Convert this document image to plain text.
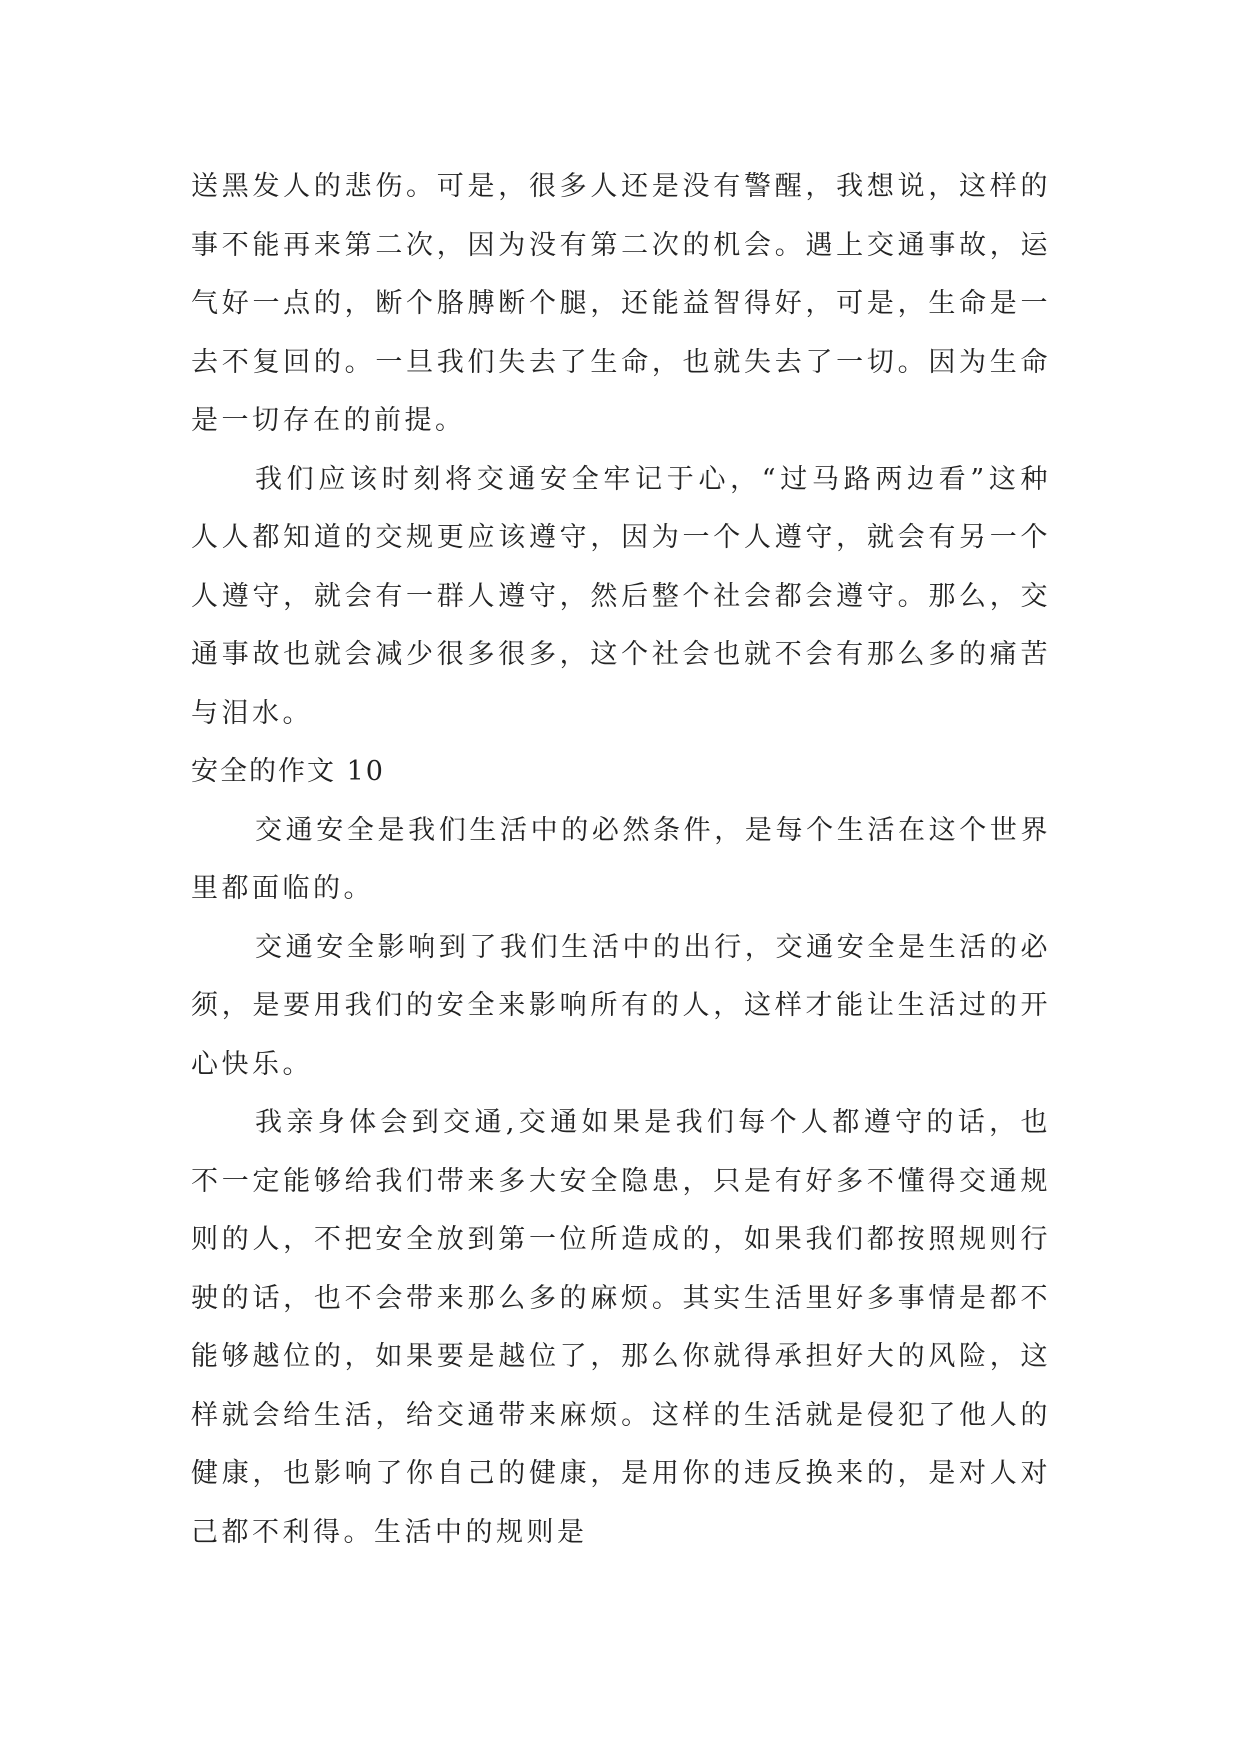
送黑发人的悲伤。可是，很多人还是没有警醒，我想说，这样的事不能再来第二次，因为没有第二次的机会。遇上交通事故，运气好一点的，断个胳膊断个腿，还能益智得好，可是，生命是一去不复回的。一旦我们失去了生命，也就失去了一切。因为生命是一切存在的前提。

我们应该时刻将交通安全牢记于心，“过马路两边看”这种人人都知道的交规更应该遵守，因为一个人遵守，就会有另一个人遵守，就会有一群人遵守，然后整个社会都会遵守。那么，交通事故也就会减少很多很多，这个社会也就不会有那么多的痛苦与泪水。

安全的作文 10

交通安全是我们生活中的必然条件，是每个生活在这个世界里都面临的。

交通安全影响到了我们生活中的出行，交通安全是生活的必须，是要用我们的安全来影响所有的人，这样才能让生活过的开心快乐。

我亲身体会到交通,交通如果是我们每个人都遵守的话，也不一定能够给我们带来多大安全隐患，只是有好多不懂得交通规则的人，不把安全放到第一位所造成的，如果我们都按照规则行驶的话，也不会带来那么多的麻烦。其实生活里好多事情是都不能够越位的，如果要是越位了，那么你就得承担好大的风险，这样就会给生活，给交通带来麻烦。这样的生活就是侵犯了他人的健康，也影响了你自己的健康，是用你的违反换来的，是对人对己都不利得。生活中的规则是
